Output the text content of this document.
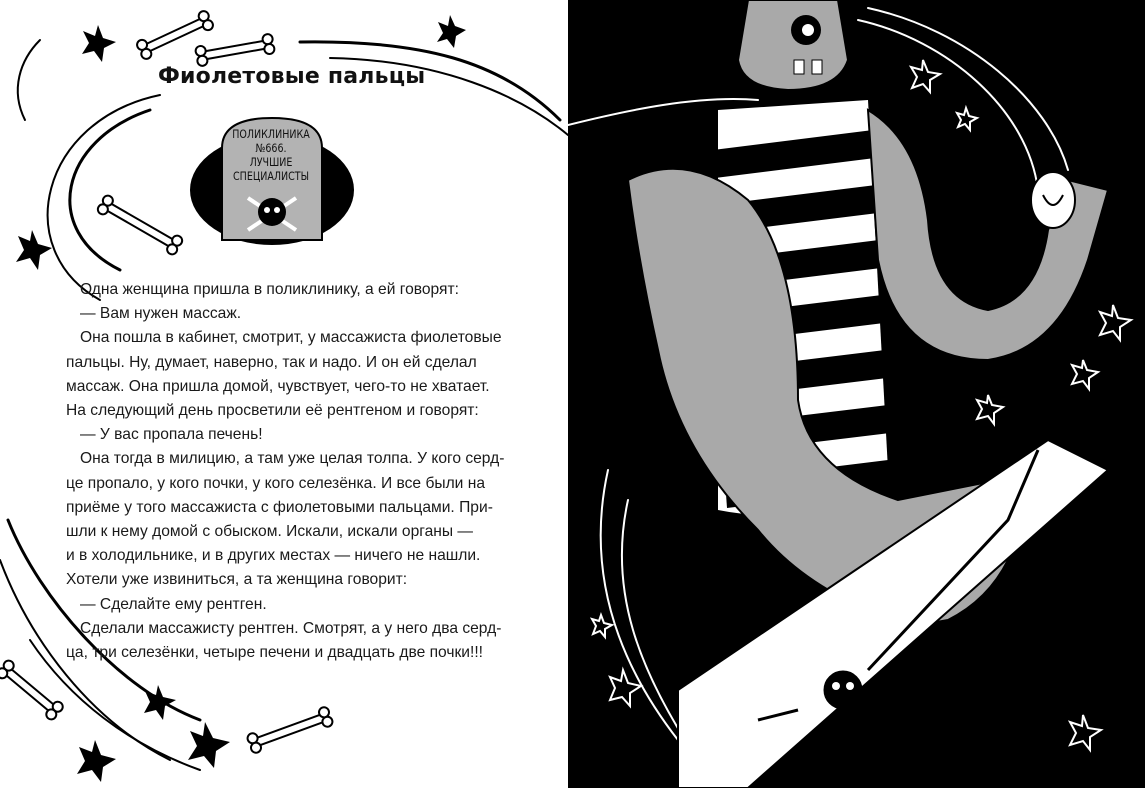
Фиолетовые пальцы
ПОЛИКЛИНИКА
№666.
ЛУЧШИЕ
СПЕЦИАЛИСТЫ

Одна женщина пришла в поликлинику, а ей говорят:

— Вам нужен массаж.

Она пошла в кабинет, смотрит, у массажиста фиолетовые

пальцы. Ну, думает, наверно, так и надо. И он ей сделал

массаж. Она пришла домой, чувствует, чего-то не хватает.

На следующий день просветили её рентгеном и говорят:

— У вас пропала печень!

Она тогда в милицию, а там уже целая толпа. У кого серд-

це пропало, у кого почки, у кого селезёнка. И все были на

приёме у того массажиста с фиолетовыми пальцами. При-

шли к нему домой с обыском. Искали, искали органы —

и в холодильнике, и в других местах — ничего не нашли.

Хотели уже извиниться, а та женщина говорит:

— Сделайте ему рентген.

Сделали массажисту рентген. Смотрят, а у него два серд-

ца, три селезёнки, четыре печени и двадцать две почки!!!
